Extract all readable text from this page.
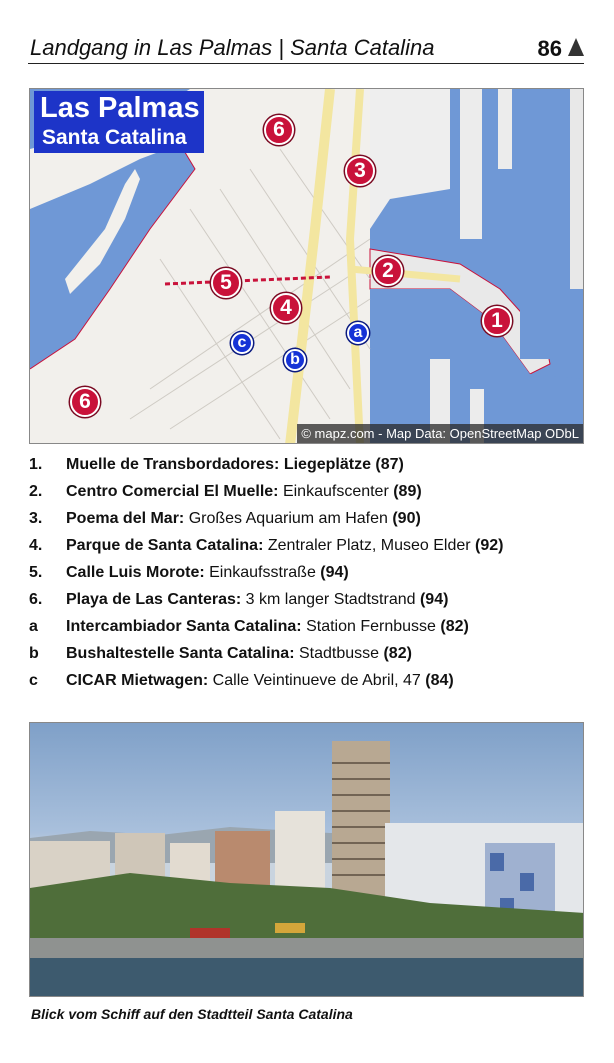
Landgang in Las Palmas | Santa Catalina	86
Las Palmas
Santa Catalina
1
2
3
4
5
6
6
a
b
c
© mapz.com - Map Data: OpenStreetMap ODbL
1.	Muelle de Transbordadores: Liegeplätze (87)
2.	Centro Comercial El Muelle: Einkaufscenter (89)
3.	Poema del Mar: Großes Aquarium am Hafen (90)
4.	Parque de Santa Catalina: Zentraler Platz, Museo Elder (92)
5.	Calle Luis Morote: Einkaufsstraße (94)
6.	Playa de Las Canteras: 3 km langer Stadtstrand (94)
a	Intercambiador Santa Catalina: Station Fernbusse (82)
b	Bushaltestelle Santa Catalina: Stadtbusse (82)
c	CICAR Mietwagen: Calle Veintinueve de Abril, 47 (84)
Blick vom Schiff auf den Stadtteil Santa Catalina
